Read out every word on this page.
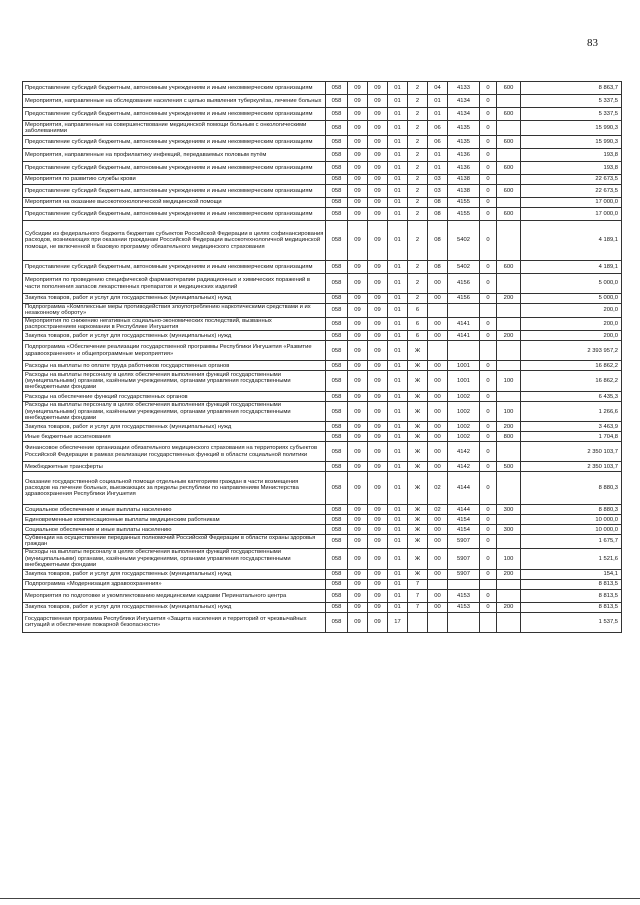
83
Предоставление субсидий бюджетным, автономным учреждениям и иным некоммерческим организациям	058	09	09	01	2	04	4133	0	600	8 863,7
Мероприятия, направленные на обследование населения с целью выявления туберкулёза, лечение больных	058	09	09	01	2	01	4134	0		5 337,5
Предоставление субсидий бюджетным, автономным учреждениям и иным некоммерческим организациям	058	09	09	01	2	01	4134	0	600	5 337,5
Мероприятия, направленные на совершенствование медицинской помощи больным с онкологическими заболеваниями	058	09	09	01	2	06	4135	0		15 990,3
Предоставление субсидий бюджетным, автономным учреждениям и иным некоммерческим организациям	058	09	09	01	2	06	4135	0	600	15 990,3
Мероприятия, направленные на профилактику инфекций, передаваемых половым путём	058	09	09	01	2	01	4136	0		193,8
Предоставление субсидий бюджетным, автономным учреждениям и иным некоммерческим организациям	058	09	09	01	2	01	4136	0	600	193,8
Мероприятия по развитию службы крови	058	09	09	01	2	03	4138	0		22 673,5
Предоставление субсидий бюджетным, автономным учреждениям и иным некоммерческим организациям	058	09	09	01	2	03	4138	0	600	22 673,5
Мероприятия на оказание высокотехнологической медицинской помощи	058	09	09	01	2	08	4155	0		17 000,0
Предоставление субсидий бюджетным, автономным учреждениям и иным некоммерческим организациям	058	09	09	01	2	08	4155	0	600	17 000,0
Субсидии из федерального бюджета бюджетам субъектов Российской Федерации в целях софинансирования расходов, возникающих при оказании гражданам Российской Федерации высокотехнологичной медицинской помощи, не включенной в базовую программу обязательного медицинского страхования	058	09	09	01	2	08	5402	0		4 189,1
Предоставление субсидий бюджетным, автономным учреждениям и иным некоммерческим организациям	058	09	09	01	2	08	5402	0	600	4 189,1
Мероприятия по проведению специфической фармакотерапии радиационных и химических поражений в части пополнения запасов лекарственных препаратов и медицинских изделий	058	09	09	01	2	00	4156	0		5 000,0
Закупка товаров, работ и услуг для государственных (муниципальных) нужд	058	09	09	01	2	00	4156	0	200	5 000,0
Подпрограмма «Комплексные меры противодействия злоупотреблению наркотическими средствами и их незаконному обороту»	058	09	09	01	6					200,0
Мероприятия по снижению негативных социально-экономических последствий, вызванных распространением наркомании в Республике Ингушетия	058	09	09	01	6	00	4141	0		200,0
Закупка товаров, работ и услуг для государственных (муниципальных) нужд	058	09	09	01	6	00	4141	0	200	200,0
Подпрограмма «Обеспечение реализации государственной программы Республики Ингушетия «Развитие здравоохранения» и общепрограммные мероприятия»	058	09	09	01	Ж					2 393 957,2
Расходы на выплаты по оплате труда работников государственных органов	058	09	09	01	Ж	00	1001	0		16 862,2
Расходы на выплаты персоналу в целях обеспечения выполнения функций государственными (муниципальными) органами, казёнными учреждениями, органами управления государственными внебюджетными фондами	058	09	09	01	Ж	00	1001	0	100	16 862,2
Расходы на обеспечение функций государственных органов	058	09	09	01	Ж	00	1002	0		6 435,3
Расходы на выплаты персоналу в целях обеспечения выполнения функций государственными (муниципальными) органами, казёнными учреждениями, органами управления государственными внебюджетными фондами	058	09	09	01	Ж	00	1002	0	100	1 266,6
Закупка товаров, работ и услуг для государственных (муниципальных) нужд	058	09	09	01	Ж	00	1002	0	200	3 463,9
Иные бюджетные ассигнования	058	09	09	01	Ж	00	1002	0	800	1 704,8
Финансовое обеспечение организации обязательного медицинского страхования на территориях субъектов Российской Федерации в рамках реализации государственных функций в области социальной политики	058	09	09	01	Ж	00	4142	0		2 350 103,7
Межбюджетные трансферты	058	09	09	01	Ж	00	4142	0	500	2 350 103,7
Оказание государственной социальной помощи отдельным категориям граждан в части возмещения расходов на лечение больных, выезжающих за пределы республики по направлениям Министерства здравоохранения Республики Ингушетия	058	09	09	01	Ж	02	4144	0		8 880,3
Социальное обеспечение и иные выплаты населению	058	09	09	01	Ж	02	4144	0	300	8 880,3
Единовременные компенсационные выплаты медицинским работникам	058	09	09	01	Ж	00	4154	0		10 000,0
Социальное обеспечение и иные выплаты населению	058	09	09	01	Ж	00	4154	0	300	10 000,0
Субвенции на осуществление переданных полномочий Российской Федерации в области охраны здоровья граждан	058	09	09	01	Ж	00	5907	0		1 675,7
Расходы на выплаты персоналу в целях обеспечения выполнения функций государственными (муниципальными) органами, казёнными учреждениями, органами управления государственными внебюджетными фондами	058	09	09	01	Ж	00	5907	0	100	1 521,6
Закупка товаров, работ и услуг для государственных (муниципальных) нужд	058	09	09	01	Ж	00	5907	0	200	154,1
Подпрограмма «Модернизация здравоохранения»	058	09	09	01	7					8 813,5
Мероприятия по подготовке и укомплектованию медицинскими кадрами Перинатального центра	058	09	09	01	7	00	4153	0		8 813,5
Закупка товаров, работ и услуг для государственных (муниципальных) нужд	058	09	09	01	7	00	4153	0	200	8 813,5
Государственная программа Республики Ингушетия «Защита населения и территорий от чрезвычайных ситуаций и обеспечение пожарной безопасности»	058	09	09	17						1 537,5
